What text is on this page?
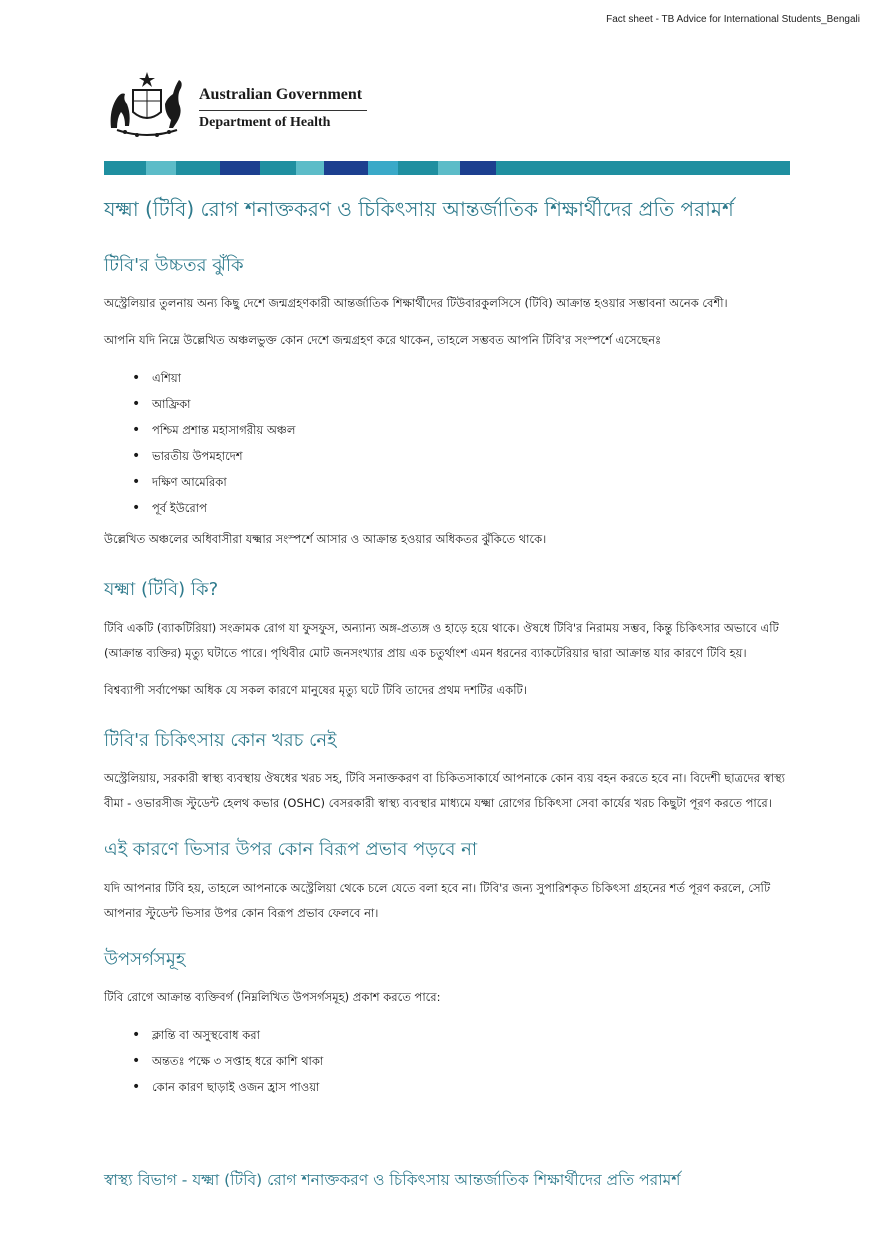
Fact sheet - TB Advice for International Students_Bengali
Australian Government
Department of Health
যক্ষ্মা (টিবি) রোগ শনাক্তকরণ ও চিকিৎসায় আন্তর্জাতিক শিক্ষার্থীদের প্রতি পরামর্শ
টিবি'র উচ্চতর ঝুঁকি

অস্ট্রেলিয়ার তুলনায় অন্য কিছু দেশে জন্মগ্রহণকারী আন্তর্জাতিক শিক্ষার্থীদের টিউবারকুলসিসে (টিবি) আক্রান্ত হওয়ার সম্ভাবনা অনেক বেশী।

আপনি যদি নিম্নে উল্লেখিত অঞ্চলভুক্ত কোন দেশে জন্মগ্রহণ করে থাকেন, তাহলে সম্ভবত আপনি টিবি'র সংস্পর্শে এসেছেনঃ

• এশিয়া
• আফ্রিকা
• পশ্চিম প্রশান্ত মহাসাগরীয় অঞ্চল
• ভারতীয় উপমহাদেশ
• দক্ষিণ আমেরিকা
• পূর্ব ইউরোপ

উল্লেখিত অঞ্চলের অধিবাসীরা যক্ষ্মার সংস্পর্শে আসার ও আক্রান্ত হওয়ার অধিকতর ঝুঁকিতে থাকে।

যক্ষ্মা (টিবি) কি?

টিবি একটি (ব্যাকটিরিয়া) সংক্রামক রোগ যা ফুসফুস, অন্যান্য অঙ্গ-প্রত্যঙ্গ ও হাড়ে হয়ে থাকে। ঔষধে টিবি'র নিরাময় সম্ভব, কিন্তু চিকিৎসার অভাবে এটি (আক্রান্ত ব্যক্তির) মৃত্যু ঘটাতে পারে। পৃথিবীর মোট জনসংখ্যার প্রায় এক চতুর্থাংশ এমন ধরনের ব্যাকটেরিয়ার দ্বারা আক্রান্ত যার কারণে টিবি হয়।

বিশ্বব্যাপী সর্বাপেক্ষা অধিক যে সকল কারণে মানুষের মৃত্যু ঘটে টিবি তাদের প্রথম দশটির একটি।

টিবি'র চিকিৎসায় কোন খরচ নেই

অস্ট্রেলিয়ায়, সরকারী স্বাস্থ্য ব্যবস্থায় ঔষধের খরচ সহ, টিবি সনাক্তকরণ বা চিকিতসাকার্যে আপনাকে কোন ব্যয় বহন করতে হবে না। বিদেশী ছাত্রদের স্বাস্থ্য বীমা - ওভারসীজ স্টুডেন্ট হেলথ কভার (OSHC) বেসরকারী স্বাস্থ্য ব্যবস্থার মাধ্যমে যক্ষ্মা রোগের চিকিৎসা সেবা কার্যের খরচ কিছুটা পূরণ করতে পারে।

এই কারণে ভিসার উপর কোন বিরূপ প্রভাব পড়বে না

যদি আপনার টিবি হয়, তাহলে আপনাকে অস্ট্রেলিয়া থেকে চলে যেতে বলা হবে না। টিবি'র জন্য সুপারিশকৃত চিকিৎসা গ্রহনের শর্ত পূরণ করলে, সেটি আপনার স্টুডেন্ট ভিসার উপর কোন বিরূপ প্রভাব ফেলবে না।

উপসর্গসমূহ

টিবি রোগে আক্রান্ত ব্যক্তিবর্গ (নিম্নলিখিত উপসর্গসমূহ) প্রকাশ করতে পারে:

• ক্লান্তি বা অসুস্থবোধ করা
• অন্ততঃ পক্ষে ৩ সপ্তাহ ধরে কাশি থাকা
• কোন কারণ ছাড়াই ওজন হ্রাস পাওয়া
স্বাস্থ্য বিভাগ - যক্ষ্মা (টিবি) রোগ শনাক্তকরণ ও চিকিৎসায় আন্তর্জাতিক শিক্ষার্থীদের প্রতি পরামর্শ
